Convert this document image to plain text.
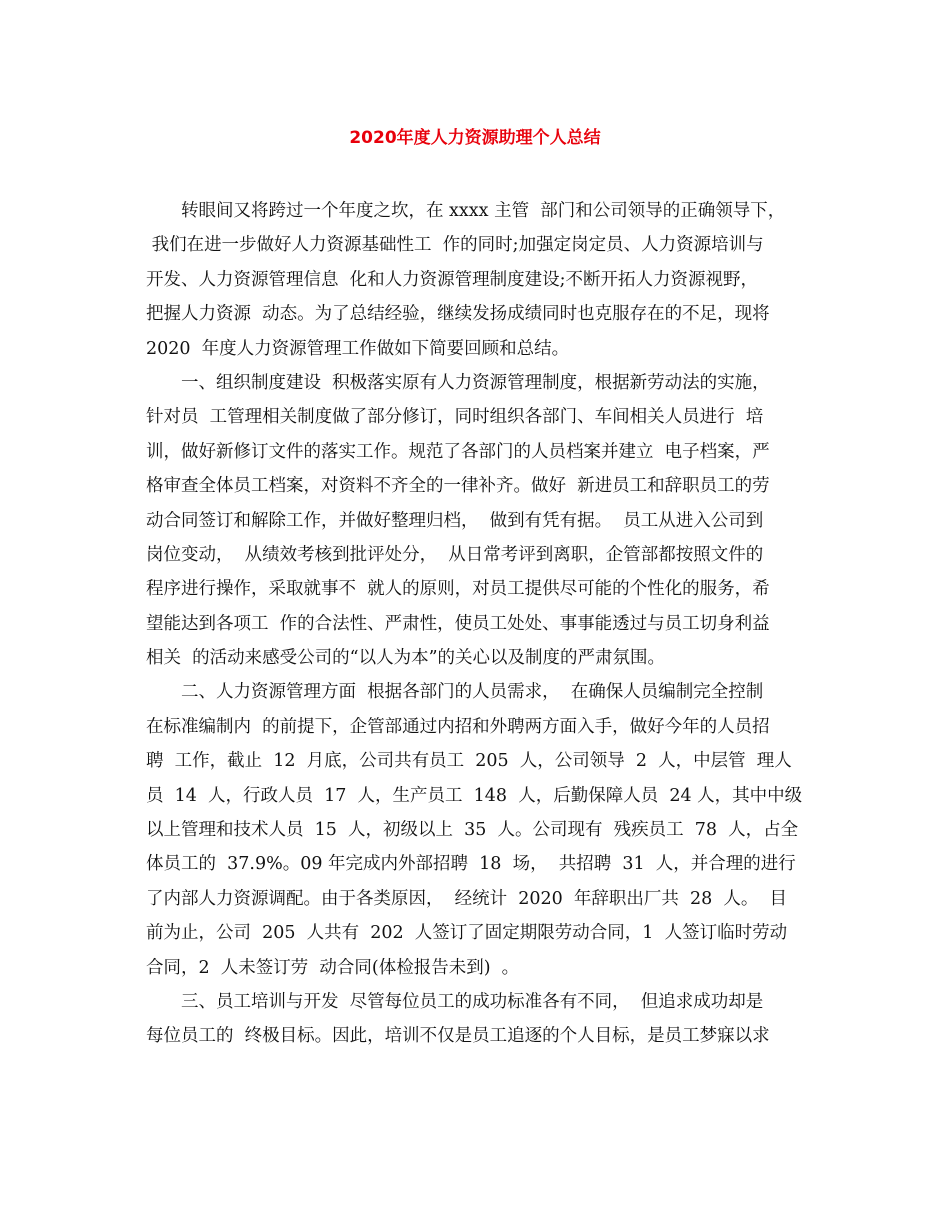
2020年度人力资源助理个人总结
转眼间又将跨过一个年度之坎，在 xxxx 主管  部门和公司领导的正确领导下，
我们在进一步做好人力资源基础性工  作的同时;加强定岗定员、人力资源培训与
开发、人力资源管理信息  化和人力资源管理制度建设;不断开拓人力资源视野，
把握人力资源  动态。为了总结经验，继续发扬成绩同时也克服存在的不足，现将
2020  年度人力资源管理工作做如下简要回顾和总结。
一、组织制度建设  积极落实原有人力资源管理制度，根据新劳动法的实施，
针对员  工管理相关制度做了部分修订，同时组织各部门、车间相关人员进行  培
训，做好新修订文件的落实工作。规范了各部门的人员档案并建立  电子档案，严
格审查全体员工档案，对资料不齐全的一律补齐。做好  新进员工和辞职员工的劳
动合同签订和解除工作，并做好整理归档，  做到有凭有据。  员工从进入公司到
岗位变动，  从绩效考核到批评处分，  从日常考评到离职，企管部都按照文件的
程序进行操作，采取就事不  就人的原则，对员工提供尽可能的个性化的服务，希
望能达到各项工  作的合法性、严肃性，使员工处处、事事能透过与员工切身利益
相关  的活动来感受公司的“以人为本”的关心以及制度的严肃氛围。
二、人力资源管理方面  根据各部门的人员需求，  在确保人员编制完全控制
在标准编制内  的前提下，企管部通过内招和外聘两方面入手，做好今年的人员招
聘  工作，截止  12  月底，公司共有员工  205  人，公司领导  2  人，中层管  理人
员  14  人，行政人员  17  人，生产员工  148  人，后勤保障人员  24 人，其中中级
以上管理和技术人员  15  人，初级以上  35  人。公司现有  残疾员工  78  人，占全
体员工的  37.9%。09 年完成内外部招聘  18  场，  共招聘  31  人，并合理的进行
了内部人力资源调配。由于各类原因，  经统计  2020  年辞职出厂共  28  人。  目
前为止，公司  205  人共有  202  人签订了固定期限劳动合同，1  人签订临时劳动
合同，2  人未签订劳  动合同(体检报告未到)  。
三、员工培训与开发  尽管每位员工的成功标准各有不同，  但追求成功却是
每位员工的  终极目标。因此，培训不仅是员工追逐的个人目标，是员工梦寐以求
